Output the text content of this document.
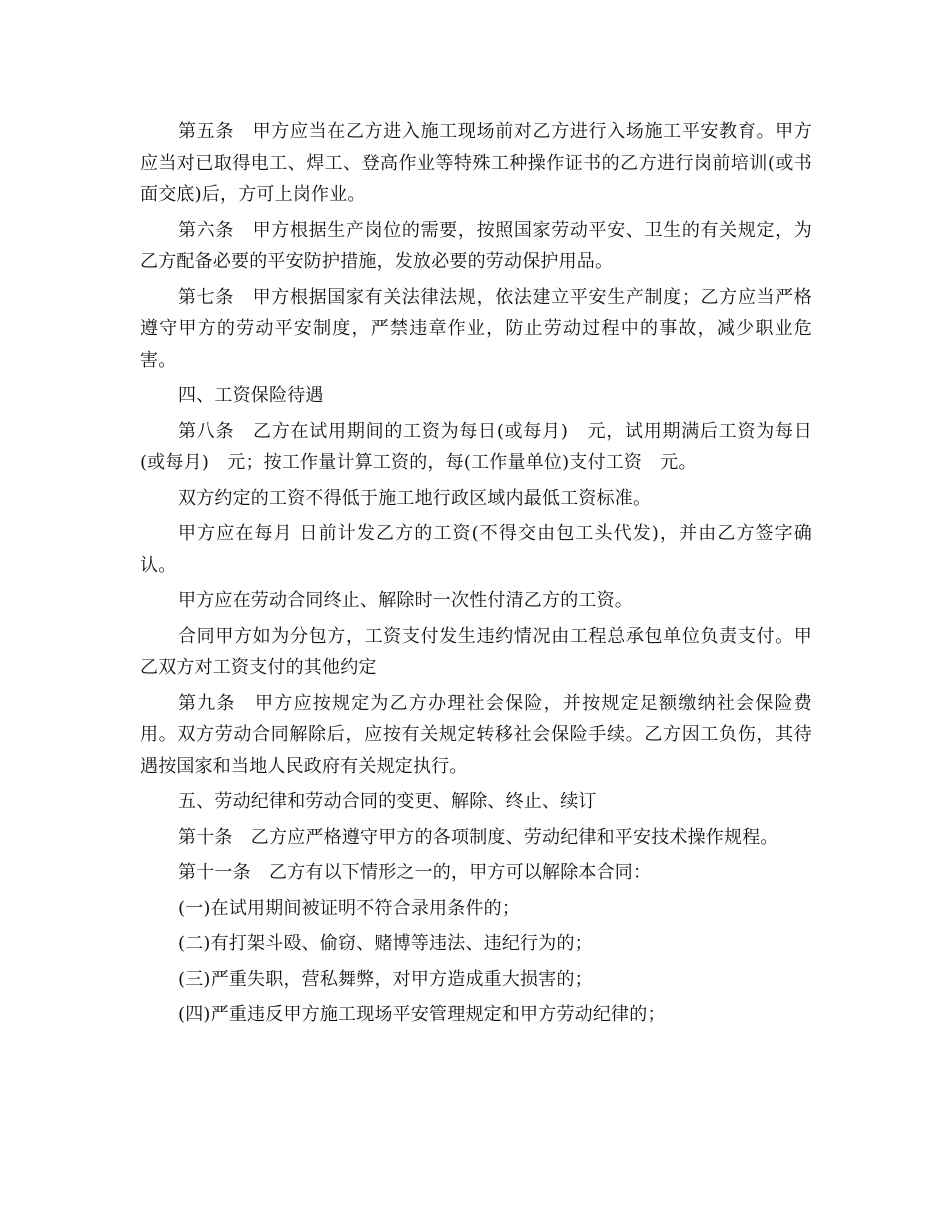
第五条　甲方应当在乙方进入施工现场前对乙方进行入场施工平安教育。甲方应当对已取得电工、焊工、登高作业等特殊工种操作证书的乙方进行岗前培训(或书面交底)后，方可上岗作业。

第六条　甲方根据生产岗位的需要，按照国家劳动平安、卫生的有关规定，为乙方配备必要的平安防护措施，发放必要的劳动保护用品。

第七条　甲方根据国家有关法律法规，依法建立平安生产制度；乙方应当严格遵守甲方的劳动平安制度，严禁违章作业，防止劳动过程中的事故，减少职业危害。

四、工资保险待遇

第八条　乙方在试用期间的工资为每日(或每月)　元，试用期满后工资为每日(或每月)　元；按工作量计算工资的，每(工作量单位)支付工资　元。

双方约定的工资不得低于施工地行政区域内最低工资标准。

甲方应在每月 日前计发乙方的工资(不得交由包工头代发)，并由乙方签字确认。

甲方应在劳动合同终止、解除时一次性付清乙方的工资。

合同甲方如为分包方，工资支付发生违约情况由工程总承包单位负责支付。甲乙双方对工资支付的其他约定

第九条　甲方应按规定为乙方办理社会保险，并按规定足额缴纳社会保险费用。双方劳动合同解除后，应按有关规定转移社会保险手续。乙方因工负伤，其待遇按国家和当地人民政府有关规定执行。

五、劳动纪律和劳动合同的变更、解除、终止、续订

第十条　乙方应严格遵守甲方的各项制度、劳动纪律和平安技术操作规程。

第十一条　乙方有以下情形之一的，甲方可以解除本合同：

(一)在试用期间被证明不符合录用条件的；

(二)有打架斗殴、偷窃、赌博等违法、违纪行为的；

(三)严重失职，营私舞弊，对甲方造成重大损害的；

(四)严重违反甲方施工现场平安管理规定和甲方劳动纪律的；
